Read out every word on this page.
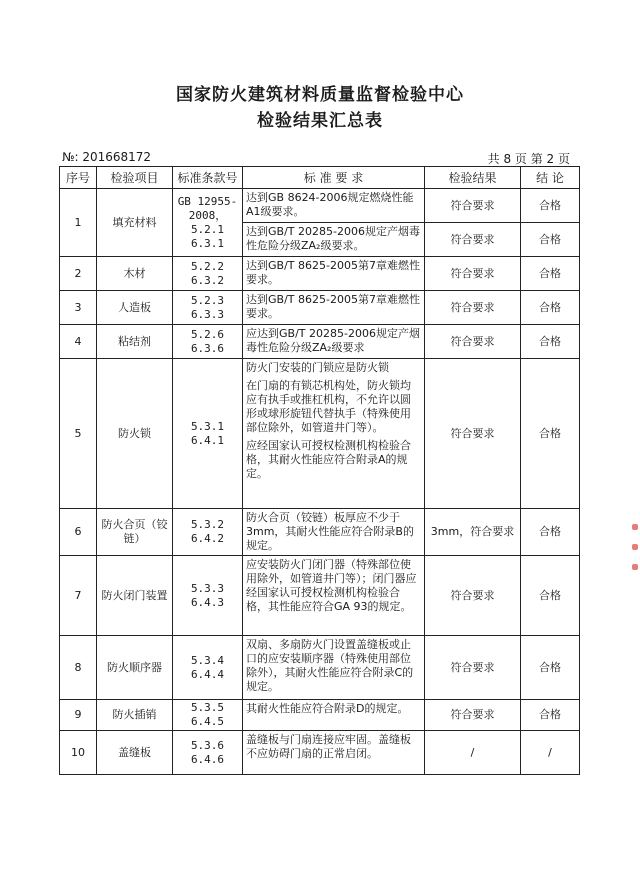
国家防火建筑材料质量监督检验中心
检验结果汇总表
№: 201668172	共 8 页 第 2 页
序号	检验项目	标准条款号	标 准 要 求	检验结果	结 论
1	填充材料	GB 12955-2008，5.2.1 6.3.1	达到GB 8624-2006规定燃烧性能A1级要求。	符合要求	合格

			达到GB/T 20285-2006规定产烟毒性危险分级ZA₂级要求。	符合要求	合格
2	木材	5.2.2 6.3.2	达到GB/T 8625-2005第7章难燃性要求。	符合要求	合格
3	人造板	5.2.3 6.3.3	达到GB/T 8625-2005第7章难燃性要求。	符合要求	合格
4	粘结剂	5.2.6 6.3.6	应达到GB/T 20285-2006规定产烟毒性危险分级ZA₂级要求	符合要求	合格
5	防火锁	5.3.1 6.4.1	防火门安装的门锁应是防火锁

在门扇的有锁芯机构处，防火锁均应有执手或推杠机构，不允许以圆形或球形旋钮代替执手（特殊使用部位除外，如管道井门等）。

应经国家认可授权检测机构检验合格，其耐火性能应符合附录A的规定。	符合要求	合格
6	防火合页（铰链）	5.3.2 6.4.2	防火合页（铰链）板厚应不少于3mm，其耐火性能应符合附录B的规定。	3mm，符合要求	合格
7	防火闭门装置	5.3.3 6.4.3	应安装防火门闭门器（特殊部位使用除外，如管道井门等）；闭门器应经国家认可授权检测机构检验合格，其性能应符合GA 93的规定。	符合要求	合格
8	防火顺序器	5.3.4 6.4.4	双扇、多扇防火门设置盖缝板或止口的应安装顺序器（特殊使用部位除外），其耐火性能应符合附录C的规定。	符合要求	合格
9	防火插销	5.3.5 6.4.5	其耐火性能应符合附录D的规定。	符合要求	合格
10	盖缝板	5.3.6 6.4.6	盖缝板与门扇连接应牢固。盖缝板不应妨碍门扇的正常启闭。	/	/
